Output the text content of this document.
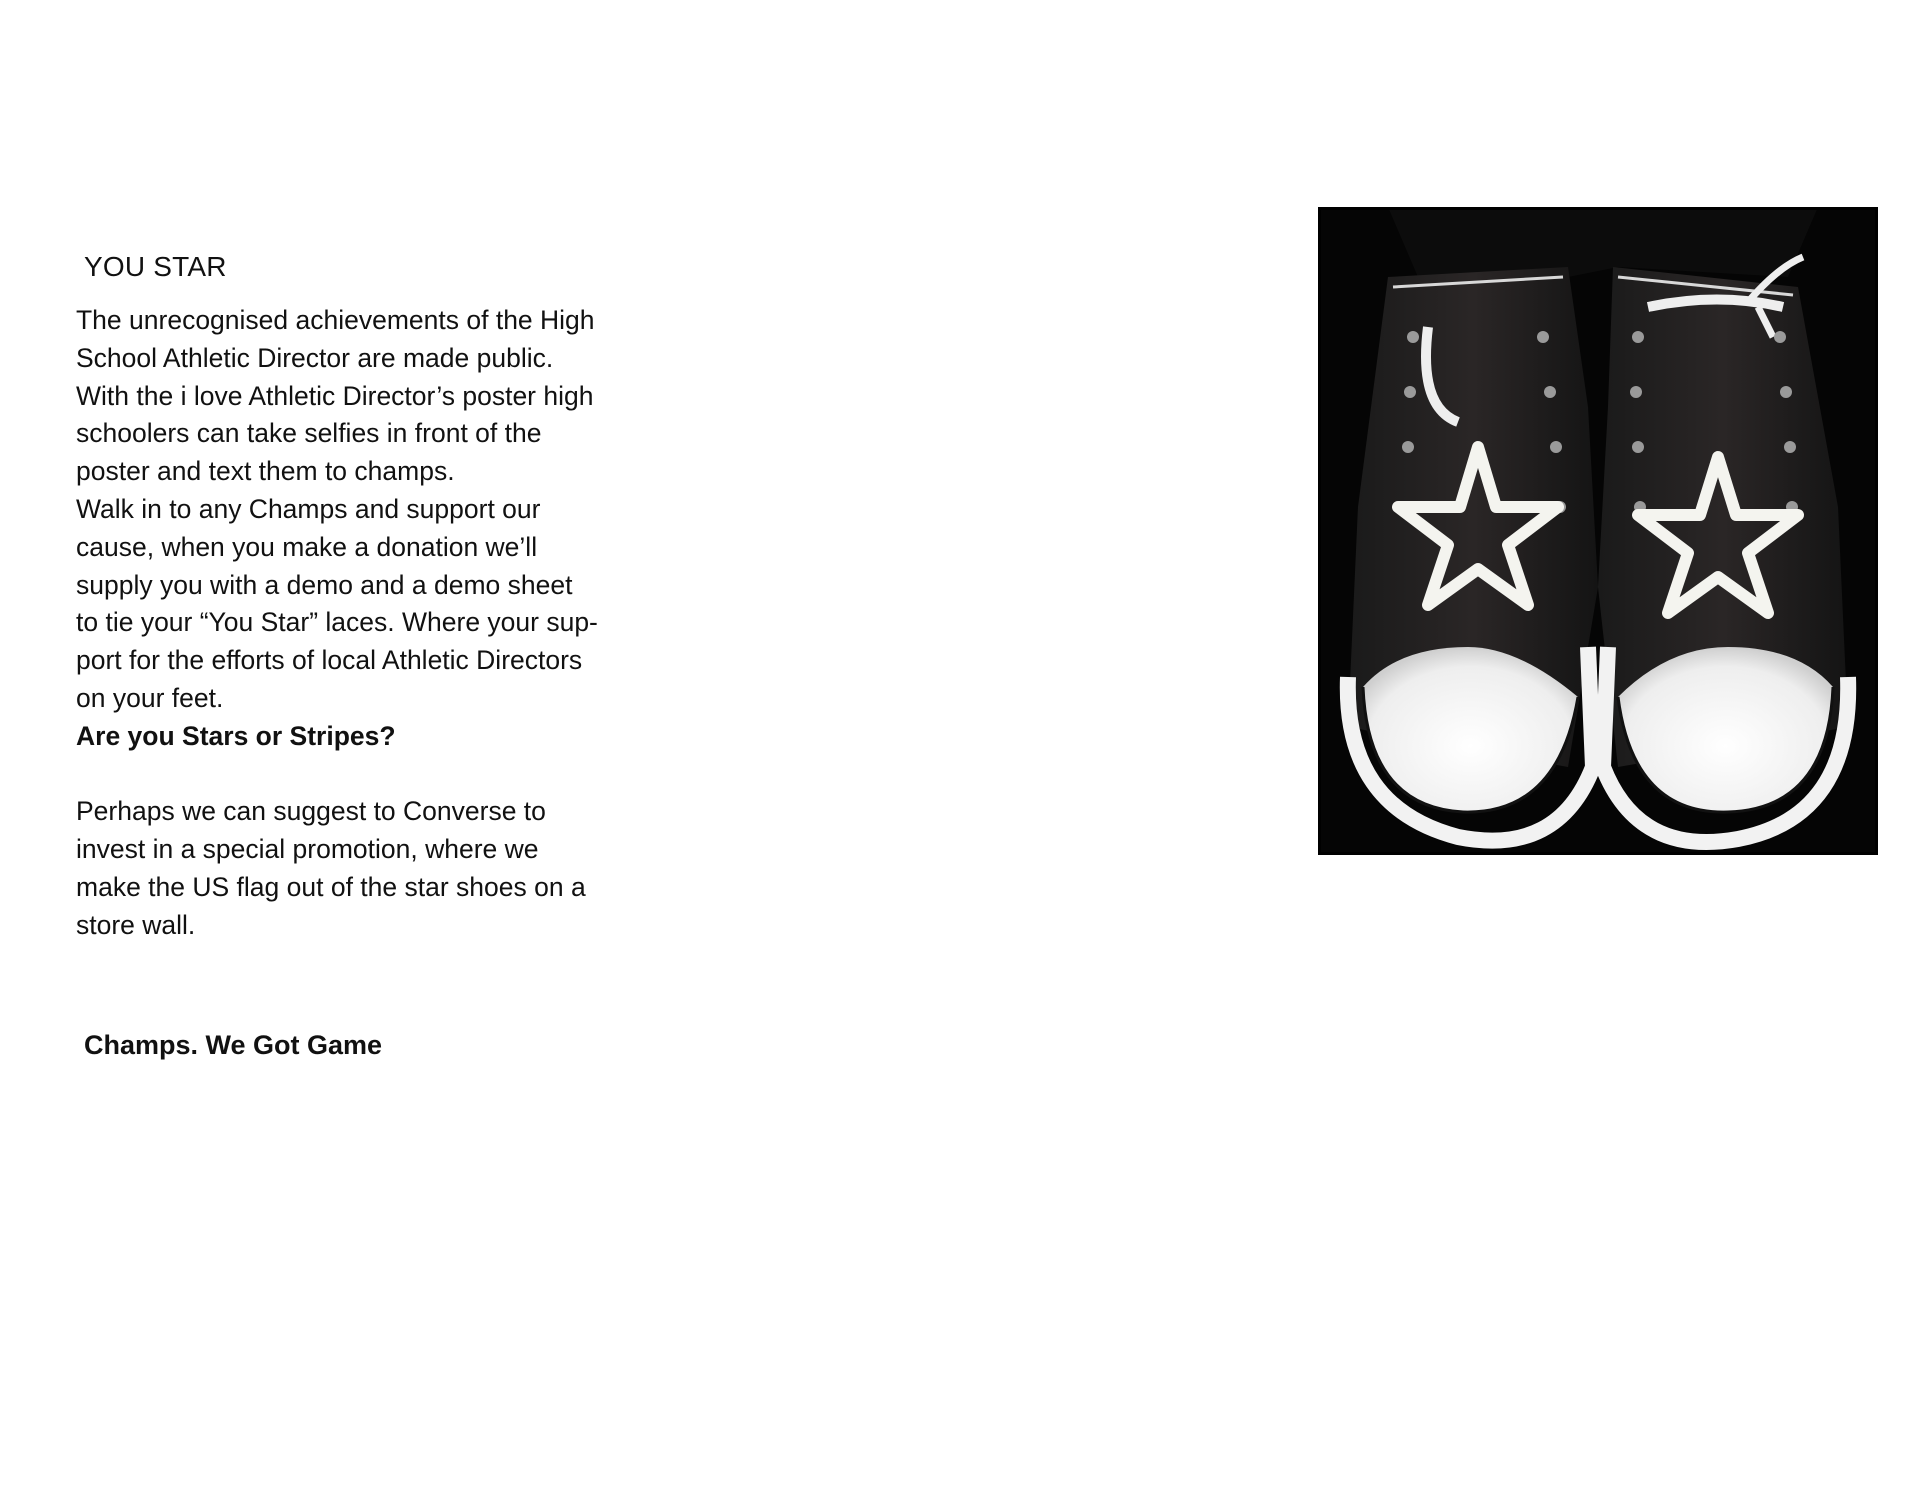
YOU STAR

The unrecognised achievements of the High

School Athletic Director are made public.

With the i love Athletic Director’s poster high

schoolers can take selfies in front of the

poster and text them to champs.

Walk in to any Champs and support our

cause, when you make a donation we’ll

supply you with a demo and a demo sheet

to tie your “You Star” laces. Where your sup-

port for the efforts of local Athletic Directors

on your feet.

Are you Stars or Stripes?

Perhaps we can suggest to Converse to

invest in a special promotion, where we

make the US flag out of the star shoes on a

store wall.

Champs. We Got Game
